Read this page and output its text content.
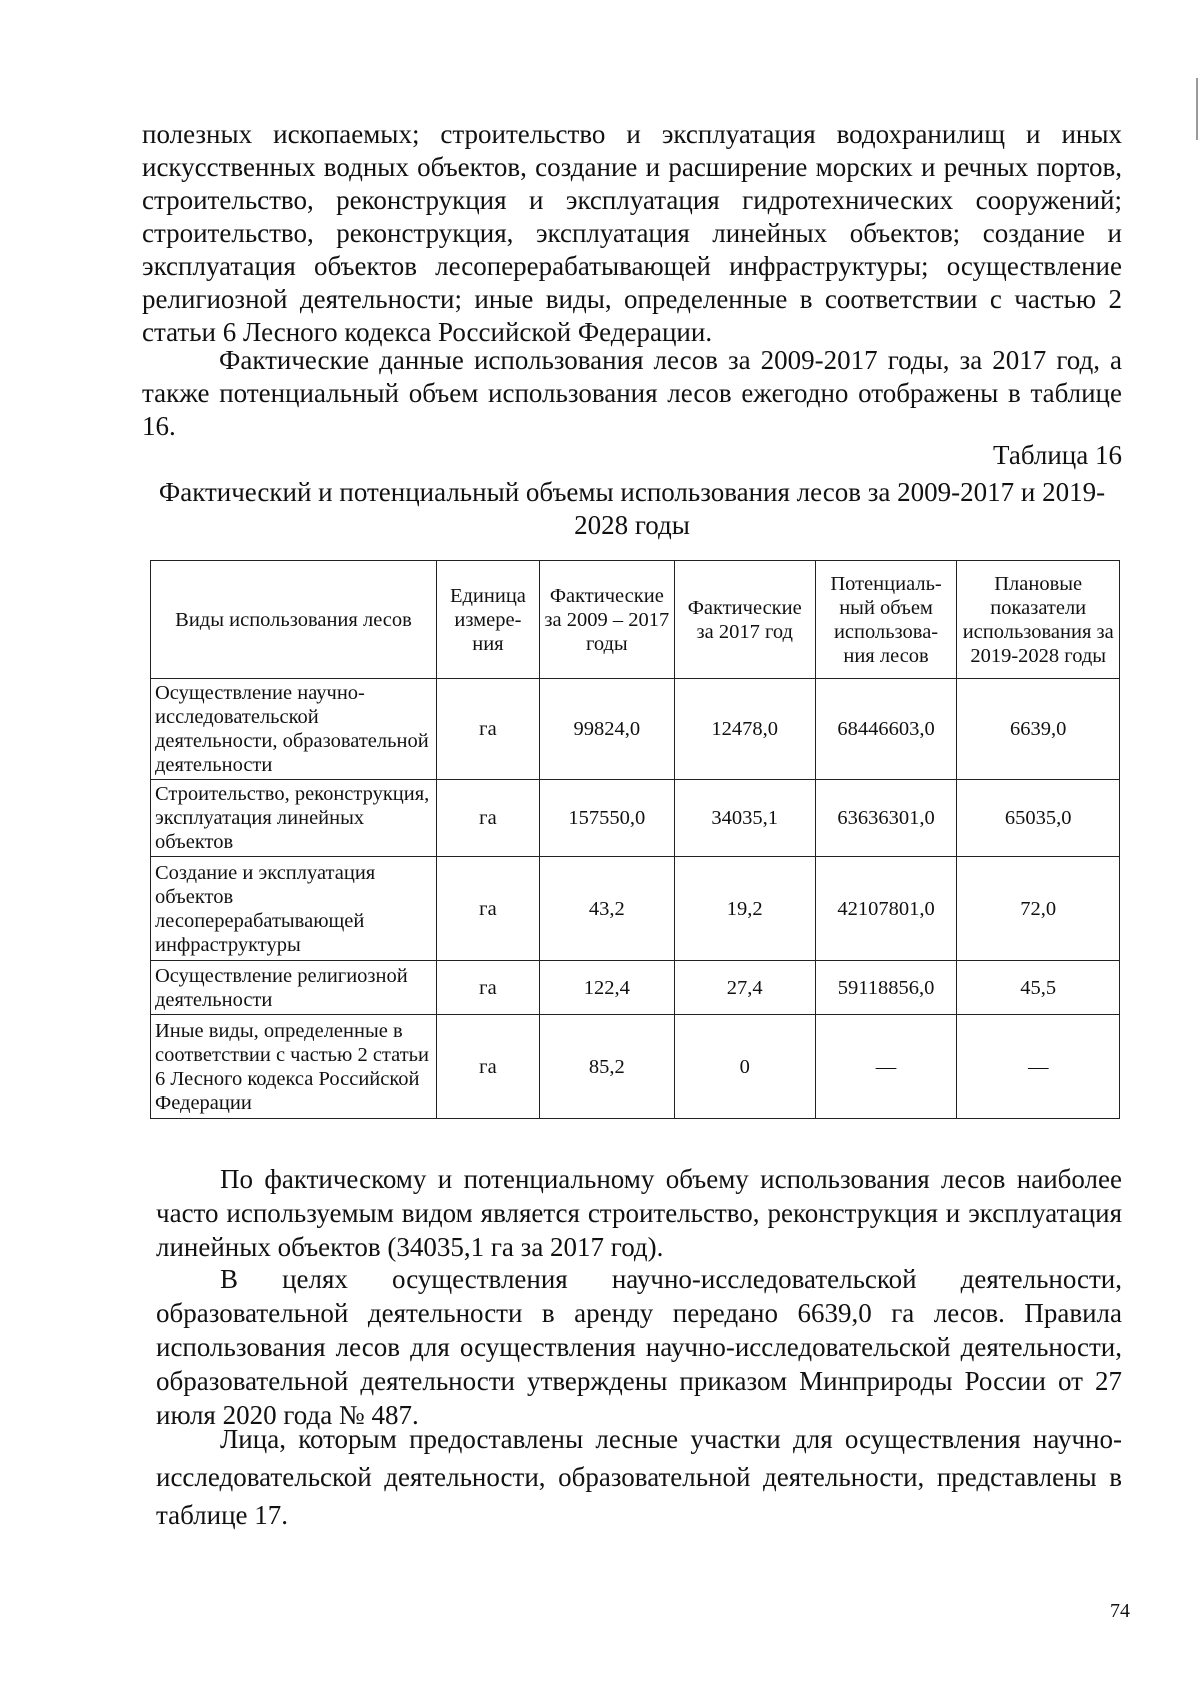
полезных ископаемых; строительство и эксплуатация водохранилищ и иных искусственных водных объектов, создание и расширение морских и речных портов, строительство, реконструкция и эксплуатация гидротехнических сооружений; строительство, реконструкция, эксплуатация линейных объектов; создание и эксплуатация объектов лесоперерабатывающей инфраструктуры; осуществление религиозной деятельности; иные виды, определенные в соответствии с частью 2 статьи 6 Лесного кодекса Российской Федерации.
Фактические данные использования лесов за 2009-2017 годы, за 2017 год, а также потенциальный объем использования лесов ежегодно отображены в таблице 16.
Таблица 16
Фактический и потенциальный объемы использования лесов за 2009-2017 и 2019-2028 годы
Виды использования лесов	Единица измере-ния	Фактические за 2009 – 2017 годы	Фактические за 2017 год	Потенциаль-ный объем использова-ния лесов	Плановые показатели использования за 2019-2028 годы
Осуществление научно-исследовательской деятельности, образовательной деятельности	га	99824,0	12478,0	68446603,0	6639,0
Строительство, реконструкция, эксплуатация линейных объектов	га	157550,0	34035,1	63636301,0	65035,0
Создание и эксплуатация объектов лесоперерабатывающей инфраструктуры	га	43,2	19,2	42107801,0	72,0
Осуществление религиозной деятельности	га	122,4	27,4	59118856,0	45,5
Иные виды, определенные в соответствии с частью 2 статьи 6 Лесного кодекса Российской Федерации	га	85,2	0	—	—
По фактическому и потенциальному объему использования лесов наиболее часто используемым видом является строительство, реконструкция и эксплуатация линейных объектов (34035,1 га за 2017 год).
В целях осуществления научно-исследовательской деятельности, образовательной деятельности в аренду передано 6639,0 га лесов. Правила использования лесов для осуществления научно-исследовательской деятельности, образовательной деятельности утверждены приказом Минприроды России от 27 июля 2020 года № 487.
Лица, которым предоставлены лесные участки для осуществления научно-исследовательской деятельности, образовательной деятельности, представлены в таблице 17.
74
